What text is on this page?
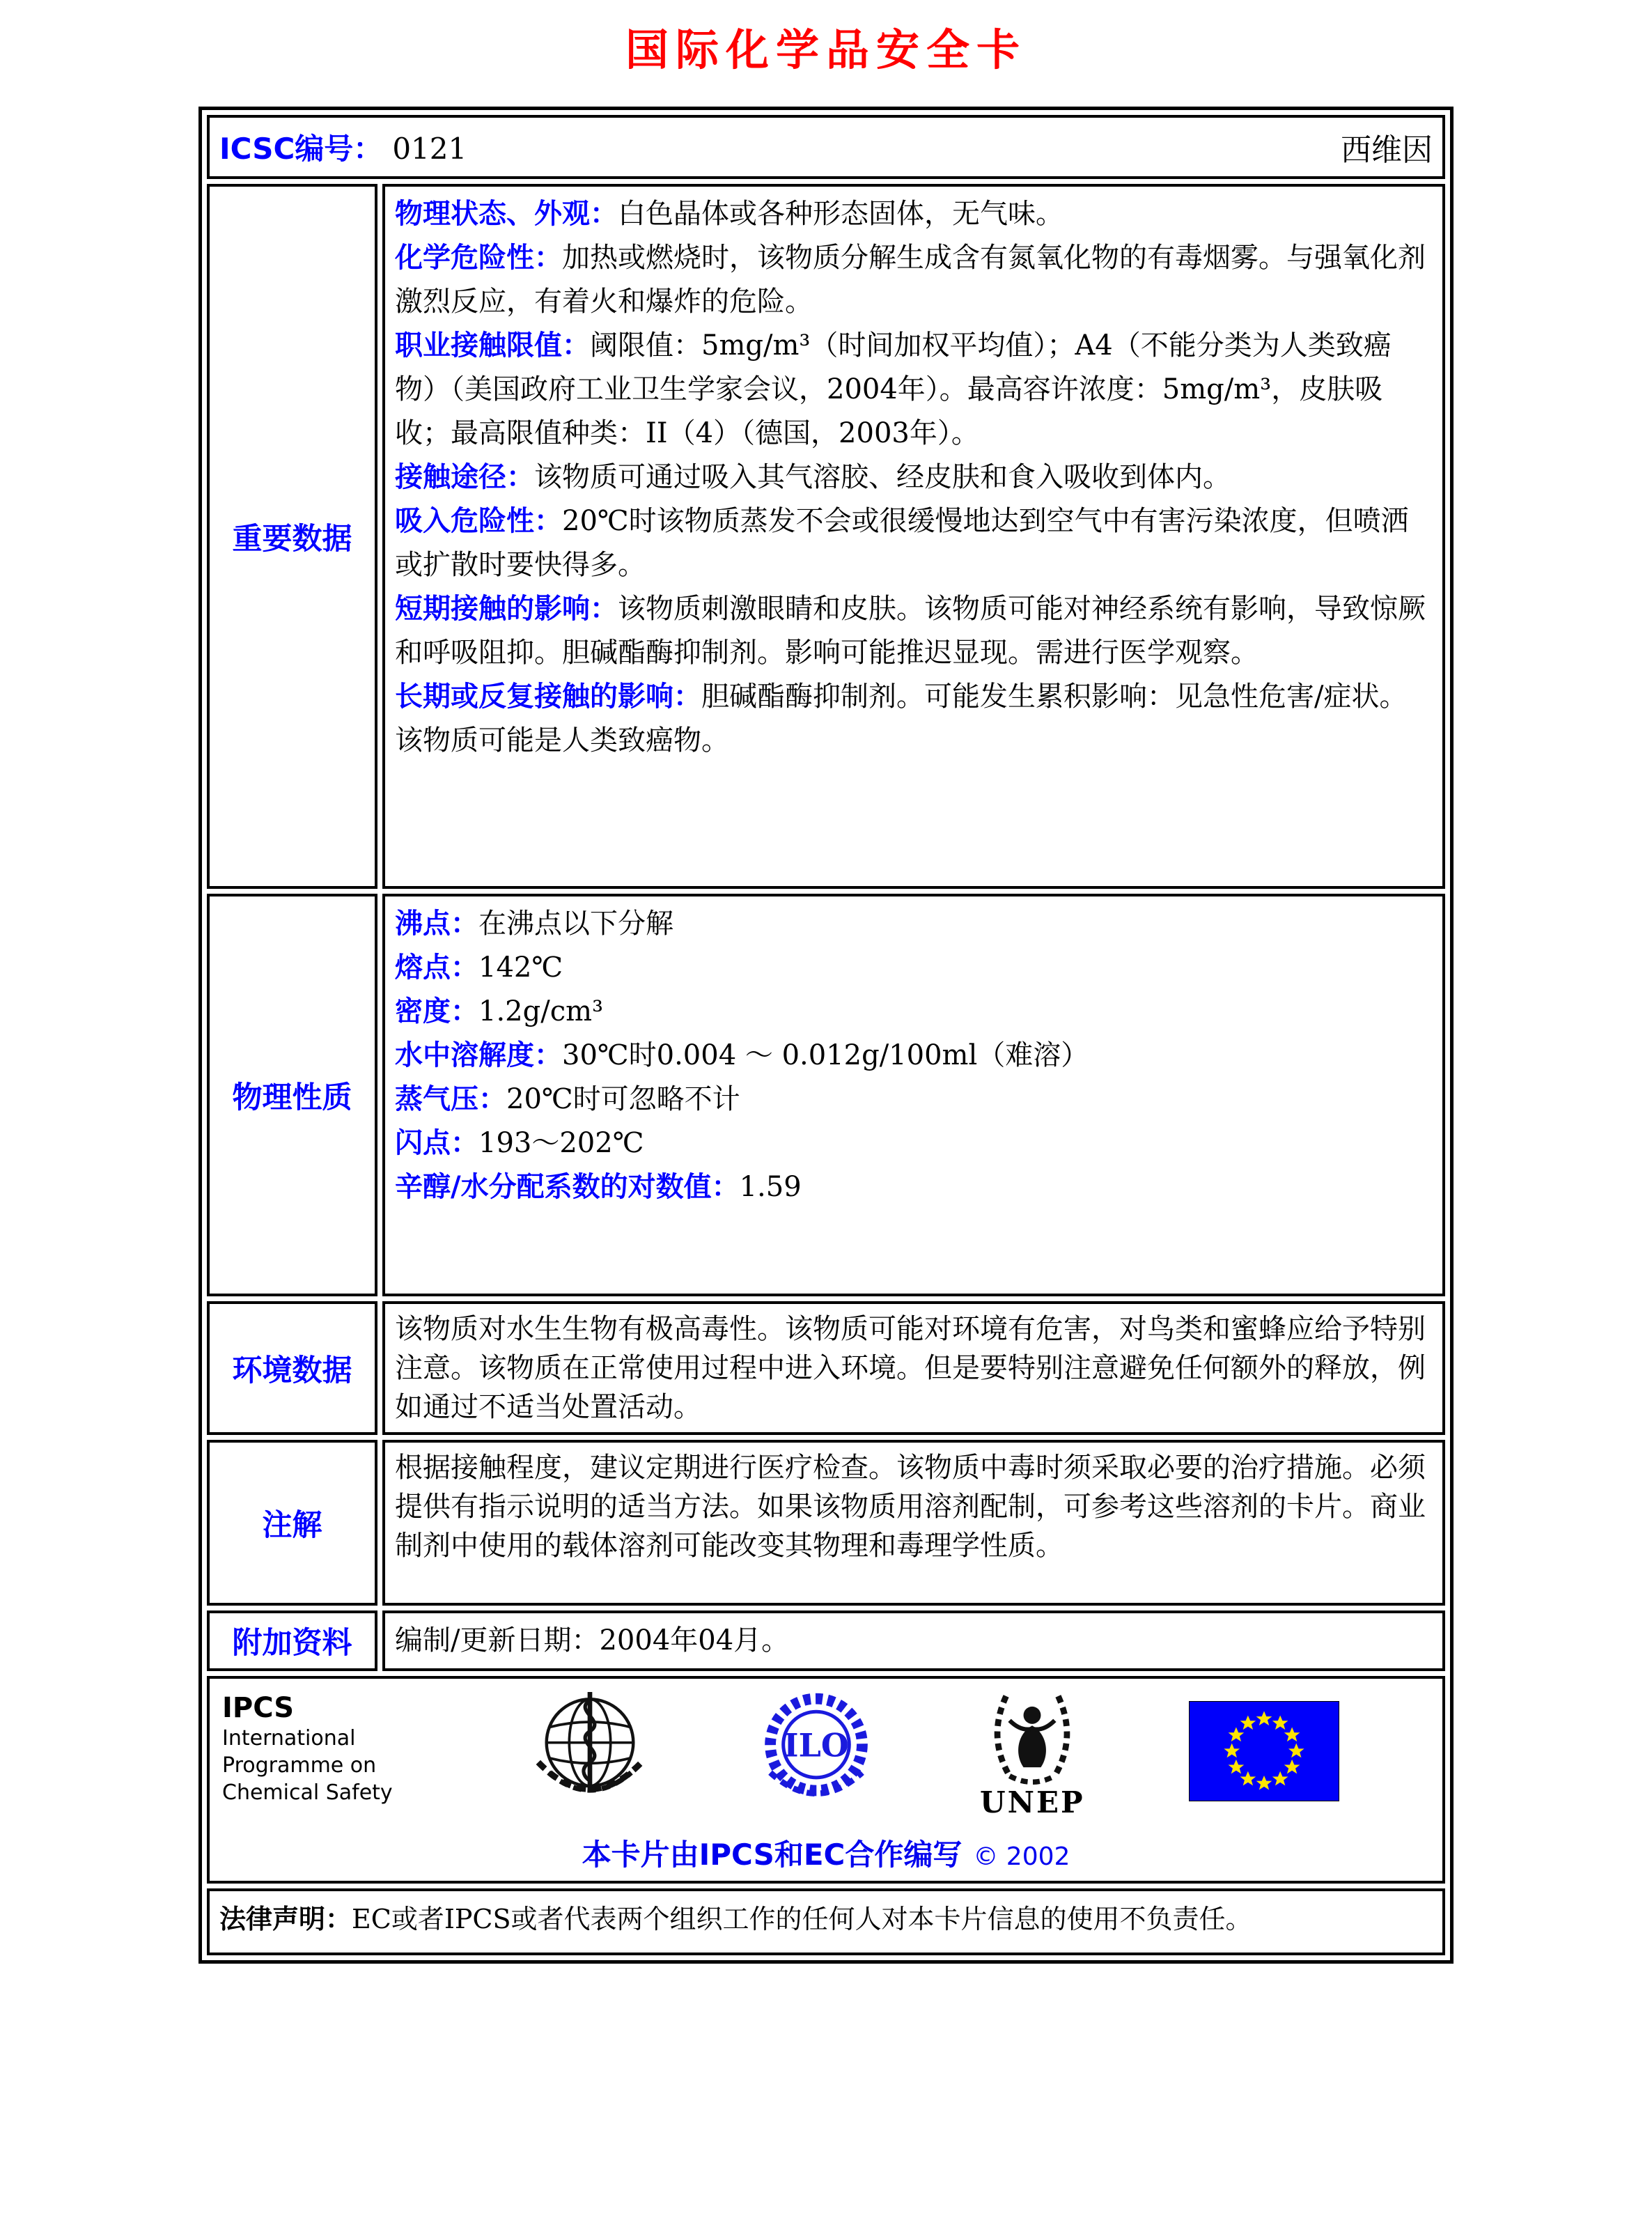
国际化学品安全卡
ICSC编号： 0121	西维因
重要数据
物理状态、外观：白色晶体或各种形态固体，无气味。
化学危险性：加热或燃烧时，该物质分解生成含有氮氧化物的有毒烟雾。与强氧化剂激烈反应，有着火和爆炸的危险。
职业接触限值：阈限值：5mg/m³（时间加权平均值）；A4（不能分类为人类致癌物）（美国政府工业卫生学家会议，2004年）。最高容许浓度：5mg/m³，皮肤吸收；最高限值种类：II（4）（德国，2003年）。
接触途径：该物质可通过吸入其气溶胶、经皮肤和食入吸收到体内。
吸入危险性：20℃时该物质蒸发不会或很缓慢地达到空气中有害污染浓度，但喷洒或扩散时要快得多。
短期接触的影响：该物质刺激眼睛和皮肤。该物质可能对神经系统有影响，导致惊厥和呼吸阻抑。胆碱酯酶抑制剂。影响可能推迟显现。需进行医学观察。
长期或反复接触的影响：胆碱酯酶抑制剂。可能发生累积影响：见急性危害/症状。该物质可能是人类致癌物。
物理性质
沸点：在沸点以下分解
熔点：142℃
密度：1.2g/cm³
水中溶解度：30℃时0.004 ～ 0.012g/100ml（难溶）
蒸气压：20℃时可忽略不计
闪点：193～202℃
辛醇/水分配系数的对数值：1.59
环境数据
该物质对水生生物有极高毒性。该物质可能对环境有危害，对鸟类和蜜蜂应给予特别注意。该物质在正常使用过程中进入环境。但是要特别注意避免任何额外的释放，例如通过不适当处置活动。
注解
根据接触程度，建议定期进行医疗检查。该物质中毒时须采取必要的治疗措施。必须提供有指示说明的适当方法。如果该物质用溶剂配制，可参考这些溶剂的卡片。商业制剂中使用的载体溶剂可能改变其物理和毒理学性质。
附加资料	编制/更新日期：2004年04月。
IPCS
International
Programme on
Chemical Safety
ILO
UNEP
本卡片由IPCS和EC合作编写 © 2002
法律声明：EC或者IPCS或者代表两个组织工作的任何人对本卡片信息的使用不负责任。
